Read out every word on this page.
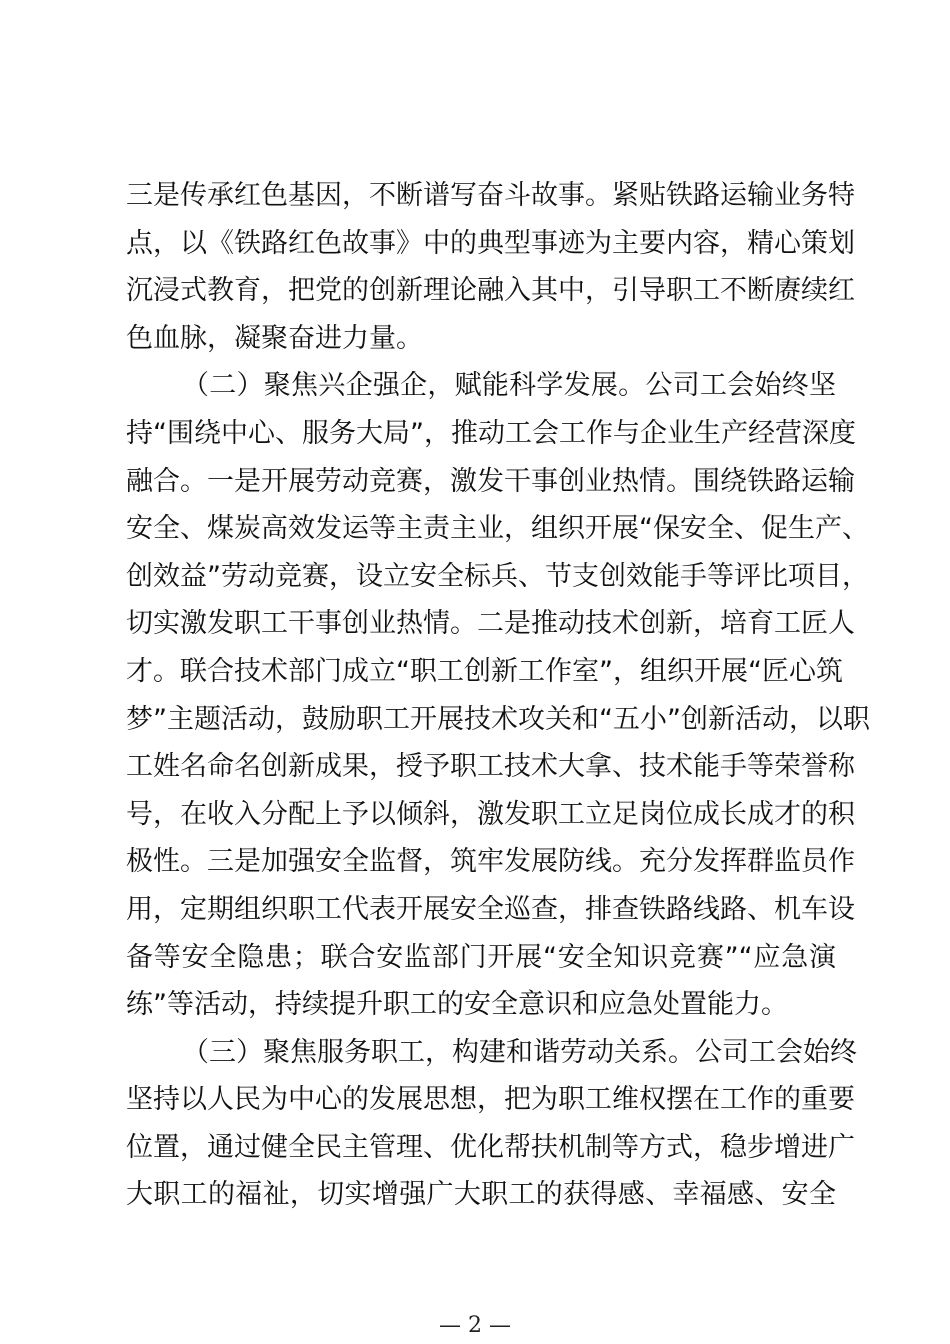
三是传承红色基因，不断谱写奋斗故事。紧贴铁路运输业务特
点，以《铁路红色故事》中的典型事迹为主要内容，精心策划
沉浸式教育，把党的创新理论融入其中，引导职工不断赓续红
色血脉，凝聚奋进力量。
（二）聚焦兴企强企，赋能科学发展。公司工会始终坚
持“围绕中心、服务大局”，推动工会工作与企业生产经营深度
融合。一是开展劳动竞赛，激发干事创业热情。围绕铁路运输
安全、煤炭高效发运等主责主业，组织开展“保安全、促生产、
创效益”劳动竞赛，设立安全标兵、节支创效能手等评比项目，
切实激发职工干事创业热情。二是推动技术创新，培育工匠人
才。联合技术部门成立“职工创新工作室”，组织开展“匠心筑
梦”主题活动，鼓励职工开展技术攻关和“五小”创新活动，以职
工姓名命名创新成果，授予职工技术大拿、技术能手等荣誉称
号，在收入分配上予以倾斜，激发职工立足岗位成长成才的积
极性。三是加强安全监督，筑牢发展防线。充分发挥群监员作
用，定期组织职工代表开展安全巡查，排查铁路线路、机车设
备等安全隐患；联合安监部门开展“安全知识竞赛”“应急演
练”等活动，持续提升职工的安全意识和应急处置能力。
（三）聚焦服务职工，构建和谐劳动关系。公司工会始终
坚持以人民为中心的发展思想，把为职工维权摆在工作的重要
位置，通过健全民主管理、优化帮扶机制等方式，稳步增进广
大职工的福祉，切实增强广大职工的获得感、幸福感、安全
— 2 —
